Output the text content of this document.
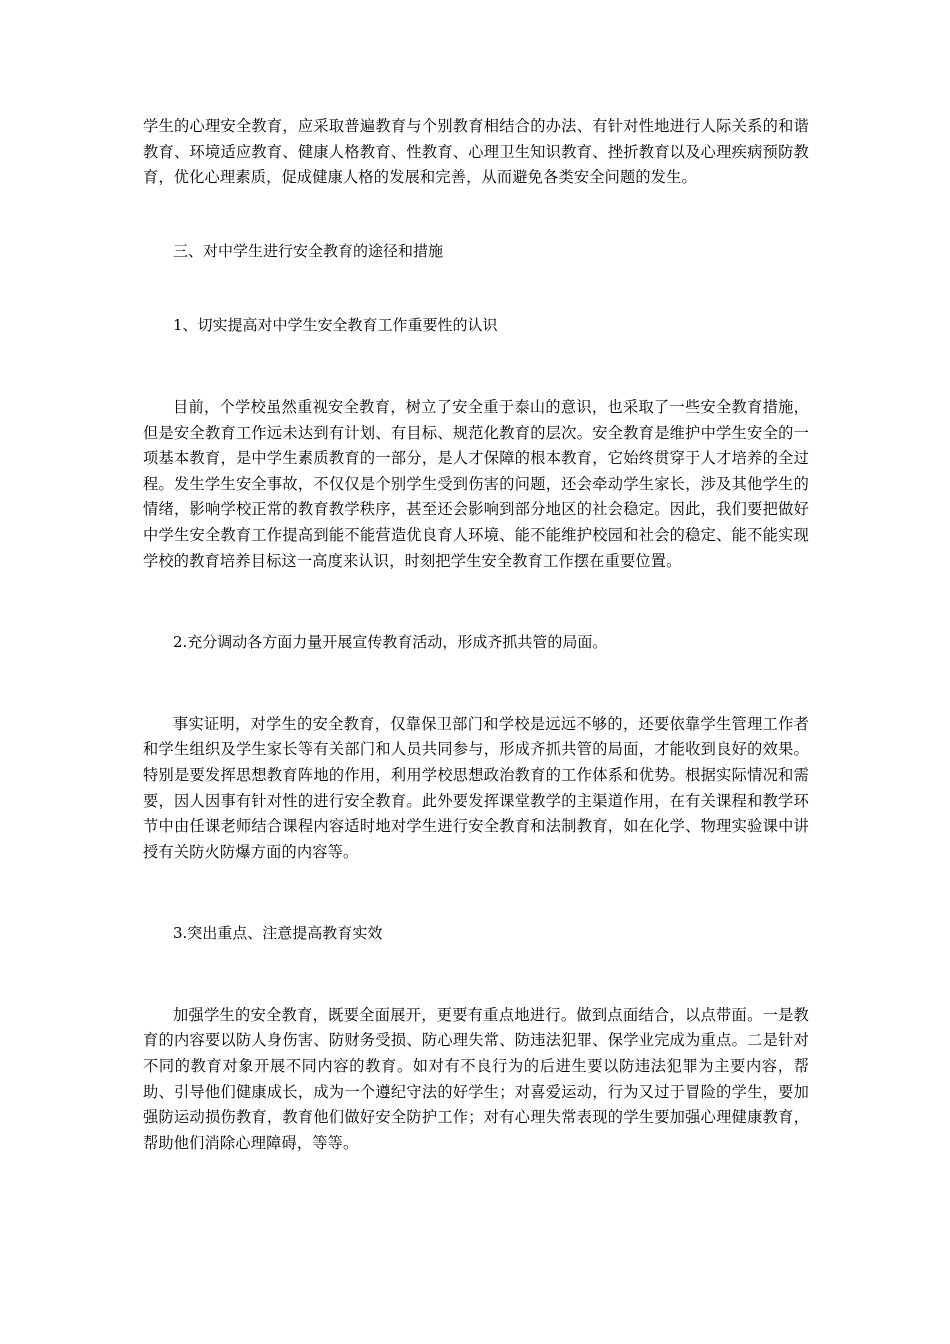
学生的心理安全教育，应采取普遍教育与个别教育相结合的办法、有针对性地进行人际关系的和谐教育、环境适应教育、健康人格教育、性教育、心理卫生知识教育、挫折教育以及心理疾病预防教育，优化心理素质，促成健康人格的发展和完善，从而避免各类安全问题的发生。

三、对中学生进行安全教育的途径和措施

1、切实提高对中学生安全教育工作重要性的认识

目前，个学校虽然重视安全教育，树立了安全重于泰山的意识，也采取了一些安全教育措施，但是安全教育工作远未达到有计划、有目标、规范化教育的层次。安全教育是维护中学生安全的一项基本教育，是中学生素质教育的一部分，是人才保障的根本教育，它始终贯穿于人才培养的全过程。发生学生安全事故，不仅仅是个别学生受到伤害的问题，还会牵动学生家长，涉及其他学生的情绪，影响学校正常的教育教学秩序，甚至还会影响到部分地区的社会稳定。因此，我们要把做好中学生安全教育工作提高到能不能营造优良育人环境、能不能维护校园和社会的稳定、能不能实现学校的教育培养目标这一高度来认识，时刻把学生安全教育工作摆在重要位置。

2.充分调动各方面力量开展宣传教育活动，形成齐抓共管的局面。

事实证明，对学生的安全教育，仅靠保卫部门和学校是远远不够的，还要依靠学生管理工作者和学生组织及学生家长等有关部门和人员共同参与，形成齐抓共管的局面，才能收到良好的效果。特别是要发挥思想教育阵地的作用，利用学校思想政治教育的工作体系和优势。根据实际情况和需要，因人因事有针对性的进行安全教育。此外要发挥课堂教学的主渠道作用，在有关课程和教学环节中由任课老师结合课程内容适时地对学生进行安全教育和法制教育，如在化学、物理实验课中讲授有关防火防爆方面的内容等。

3.突出重点、注意提高教育实效

加强学生的安全教育，既要全面展开，更要有重点地进行。做到点面结合，以点带面。一是教育的内容要以防人身伤害、防财务受损、防心理失常、防违法犯罪、保学业完成为重点。二是针对不同的教育对象开展不同内容的教育。如对有不良行为的后进生要以防违法犯罪为主要内容，帮助、引导他们健康成长，成为一个遵纪守法的好学生；对喜爱运动，行为又过于冒险的学生，要加强防运动损伤教育，教育他们做好安全防护工作；对有心理失常表现的学生要加强心理健康教育，帮助他们消除心理障碍，等等。
